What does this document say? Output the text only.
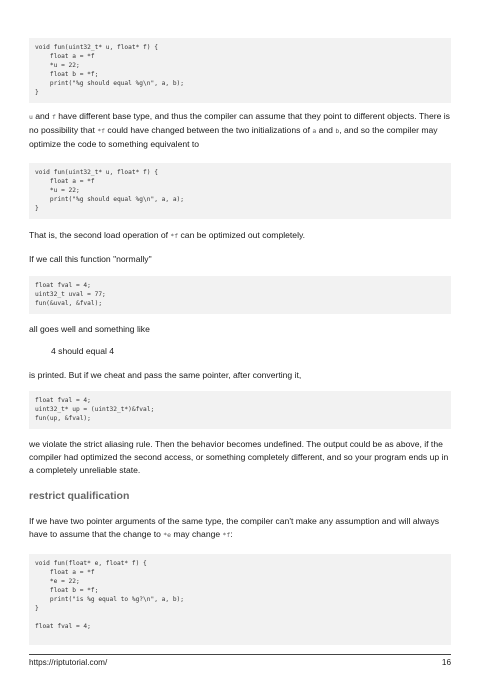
void fun(uint32_t* u, float* f) {
float a = *f
*u = 22;
float b = *f;
print("%g should equal %g\n", a, b);
}
u and f have different base type, and thus the compiler can assume that they point to different objects. There is no possibility that *f could have changed between the two initializations of a and b, and so the compiler may optimize the code to something equivalent to
void fun(uint32_t* u, float* f) {
float a = *f
*u = 22;
print("%g should equal %g\n", a, a);
}
That is, the second load operation of *f can be optimized out completely.
If we call this function "normally"
float fval = 4;
uint32_t uval = 77;
fun(&uval, &fval);
all goes well and something like
4 should equal 4
is printed. But if we cheat and pass the same pointer, after converting it,
float fval = 4;
uint32_t* up = (uint32_t*)&fval;
fun(up, &fval);
we violate the strict aliasing rule. Then the behavior becomes undefined. The output could be as above, if the compiler had optimized the second access, or something completely different, and so your program ends up in a completely unreliable state.
restrict qualification
If we have two pointer arguments of the same type, the compiler can't make any assumption and will always have to assume that the change to *e may change *f:
void fun(float* e, float* f) {
float a = *f
*e = 22;
float b = *f;
print("is %g equal to %g?\n", a, b);
}

float fval = 4;
https://riptutorial.com/	16
